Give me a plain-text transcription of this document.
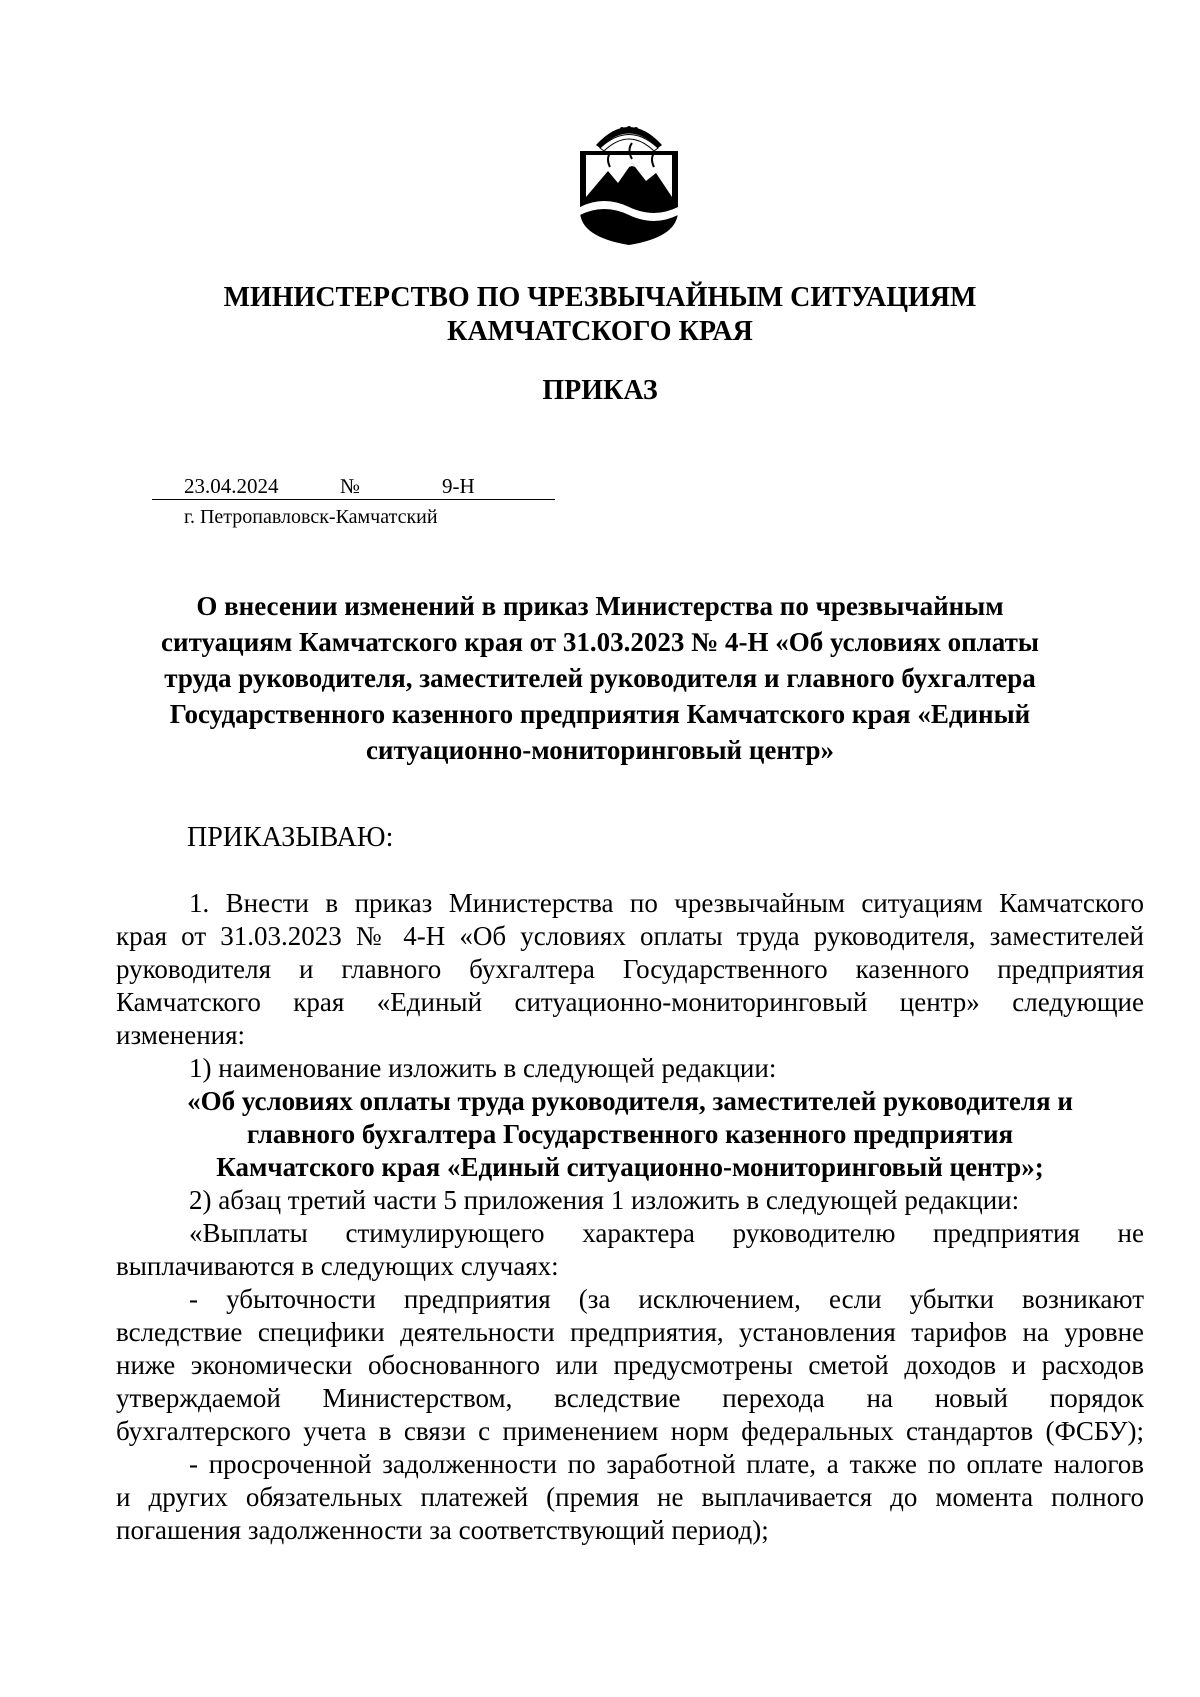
МИНИСТЕРСТВО ПО ЧРЕЗВЫЧАЙНЫМ СИТУАЦИЯМ
КАМЧАТСКОГО КРАЯ
ПРИКАЗ
23.04.2024	№	9-Н
г. Петропавловск-Камчатский
О внесении изменений в приказ Министерства по чрезвычайным
ситуациям Камчатского края от 31.03.2023 № 4-Н «Об условиях оплаты
труда руководителя, заместителей руководителя и главного бухгалтера
Государственного казенного предприятия Камчатского края «Единый
ситуационно-мониторинговый центр»
ПРИКАЗЫВАЮ:
1. Внести в приказ Министерства по чрезвычайным ситуациям Камчатского
края от 31.03.2023 № 4-Н «Об условиях оплаты труда руководителя, заместителей
руководителя и главного бухгалтера Государственного казенного предприятия
Камчатского края «Единый ситуационно-мониторинговый центр» следующие
изменения:
1) наименование изложить в следующей редакции:
«Об условиях оплаты труда руководителя, заместителей руководителя и
главного бухгалтера Государственного казенного предприятия
Камчатского края «Единый ситуационно-мониторинговый центр»;
2) абзац третий части 5 приложения 1 изложить в следующей редакции:
«Выплаты стимулирующего характера руководителю предприятия не
выплачиваются в следующих случаях:
- убыточности предприятия (за исключением, если убытки возникают
вследствие специфики деятельности предприятия, установления тарифов на уровне
ниже экономически обоснованного или предусмотрены сметой доходов и расходов
утверждаемой Министерством, вследствие перехода на новый порядок
бухгалтерского учета в связи с применением норм федеральных стандартов (ФСБУ);
- просроченной задолженности по заработной плате, а также по оплате налогов
и других обязательных платежей (премия не выплачивается до момента полного
погашения задолженности за соответствующий период);
